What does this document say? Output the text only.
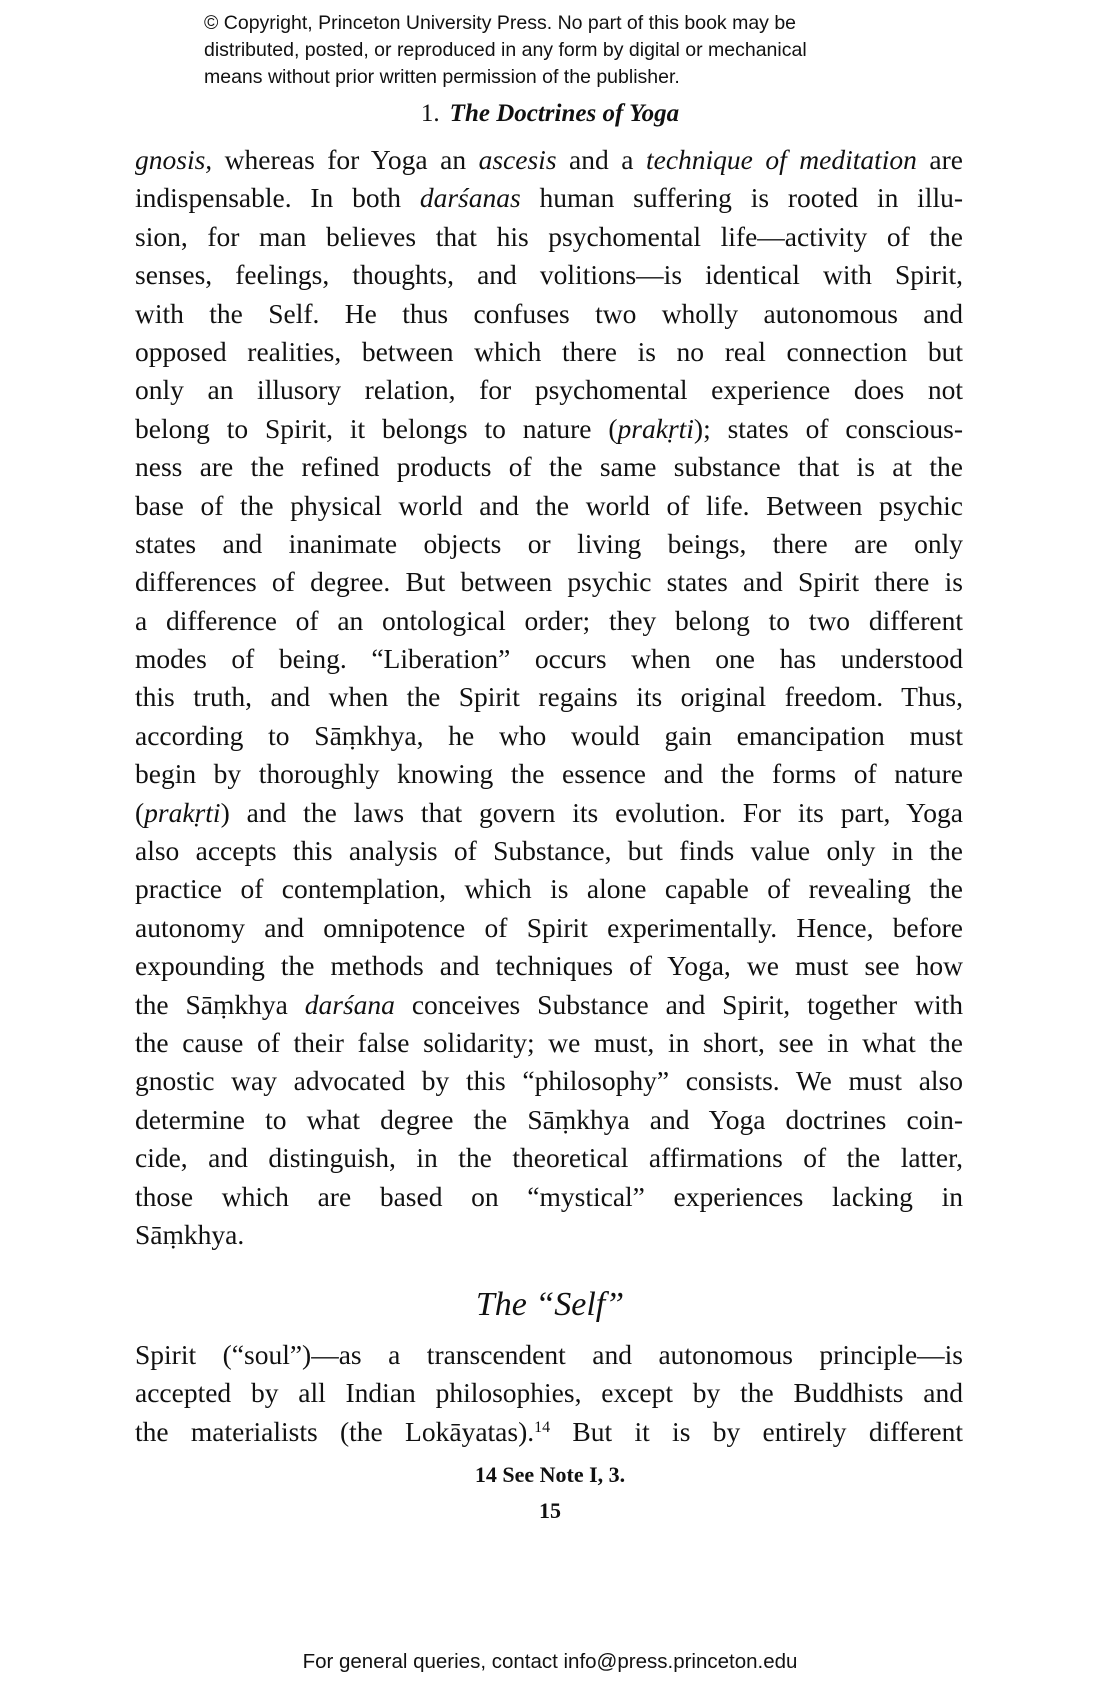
© Copyright, Princeton University Press. No part of this book may be
distributed, posted, or reproduced in any form by digital or mechanical
means without prior written permission of the publisher.
1. The Doctrines of Yoga
gnosis, whereas for Yoga an ascesis and a technique of meditation are
indispensable. In both darśanas human suffering is rooted in illu-
sion, for man believes that his psychomental life—activity of the
senses, feelings, thoughts, and volitions—is identical with Spirit,
with the Self. He thus confuses two wholly autonomous and
opposed realities, between which there is no real connection but
only an illusory relation, for psychomental experience does not
belong to Spirit, it belongs to nature (prakṛti); states of conscious-
ness are the refined products of the same substance that is at the
base of the physical world and the world of life. Between psychic
states and inanimate objects or living beings, there are only
differences of degree. But between psychic states and Spirit there is
a difference of an ontological order; they belong to two different
modes of being. “Liberation” occurs when one has understood
this truth, and when the Spirit regains its original freedom. Thus,
according to Sāṃkhya, he who would gain emancipation must
begin by thoroughly knowing the essence and the forms of nature
(prakṛti) and the laws that govern its evolution. For its part, Yoga
also accepts this analysis of Substance, but finds value only in the
practice of contemplation, which is alone capable of revealing the
autonomy and omnipotence of Spirit experimentally. Hence, before
expounding the methods and techniques of Yoga, we must see how
the Sāṃkhya darśana conceives Substance and Spirit, together with
the cause of their false solidarity; we must, in short, see in what the
gnostic way advocated by this “philosophy” consists. We must also
determine to what degree the Sāṃkhya and Yoga doctrines coin-
cide, and distinguish, in the theoretical affirmations of the latter,
those which are based on “mystical” experiences lacking in
Sāṃkhya.
The “Self”
Spirit (“soul”)—as a transcendent and autonomous principle—is
accepted by all Indian philosophies, except by the Buddhists and
the materialists (the Lokāyatas).$^{14}$ But it is by entirely different
14 See Note I, 3.
15
For general queries, contact info@press.princeton.edu
